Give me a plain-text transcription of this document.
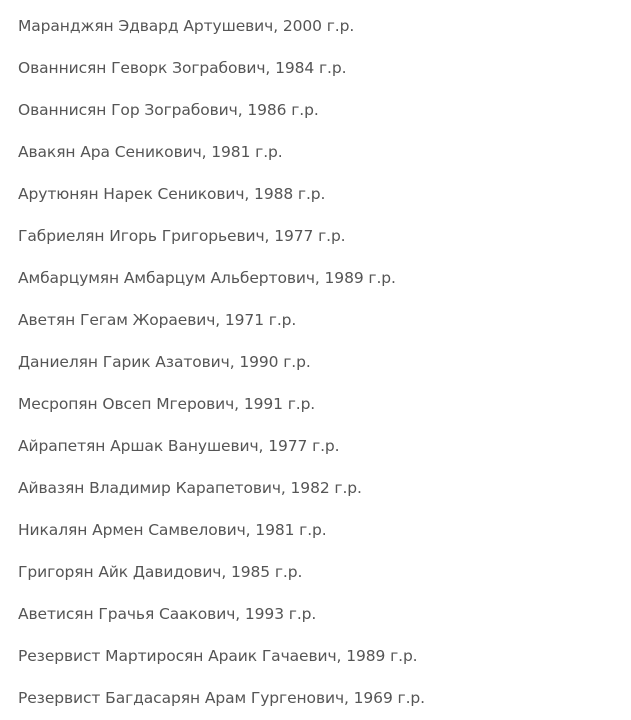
Маранджян Эдвард Артушевич, 2000 г.р.
Ованнисян Геворк Зограбович, 1984 г.р.
Ованнисян Гор Зограбович, 1986 г.р.
Авакян Ара Сеникович, 1981 г.р.
Арутюнян Нарек Сеникович, 1988 г.р.
Габриелян Игорь Григорьевич, 1977 г.р.
Амбарцумян Амбарцум Альбертович, 1989 г.р.
Аветян Гегам Жораевич, 1971 г.р.
Даниелян Гарик Азатович, 1990 г.р.
Месропян Овсеп Мгерович, 1991 г.р.
Айрапетян Аршак Ванушевич, 1977 г.р.
Айвазян Владимир Карапетович, 1982 г.р.
Никалян Армен Самвелович, 1981 г.р.
Григорян Айк Давидович, 1985 г.р.
Аветисян Грачья Саакович, 1993 г.р.
Резервист Мартиросян Араик Гачаевич, 1989 г.р.
Резервист Багдасарян Арам Гургенович, 1969 г.р.
